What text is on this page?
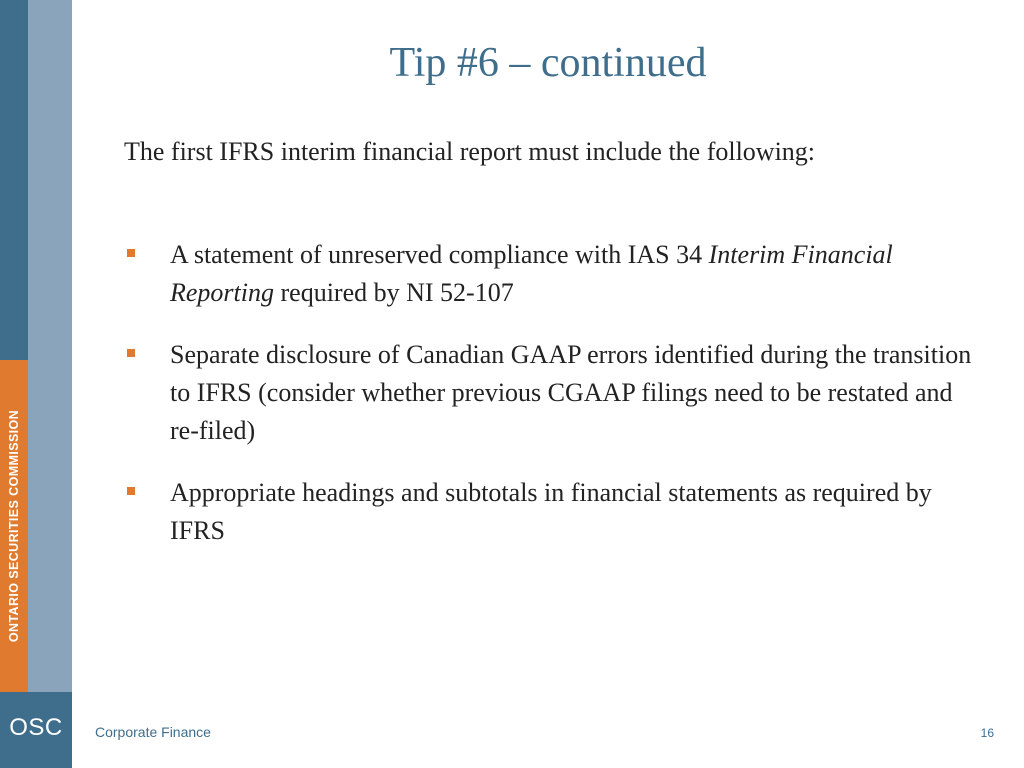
ONTARIO SECURITIES COMMISSION
OSC
Tip #6 – continued
The first IFRS interim financial report must include the following:
A statement of unreserved compliance with IAS 34 Interim Financial Reporting required by NI 52-107
Separate disclosure of Canadian GAAP errors identified during the transition to IFRS (consider whether previous CGAAP filings need to be restated and re-filed)
Appropriate headings and subtotals in financial statements as required by IFRS
Corporate Finance	16
